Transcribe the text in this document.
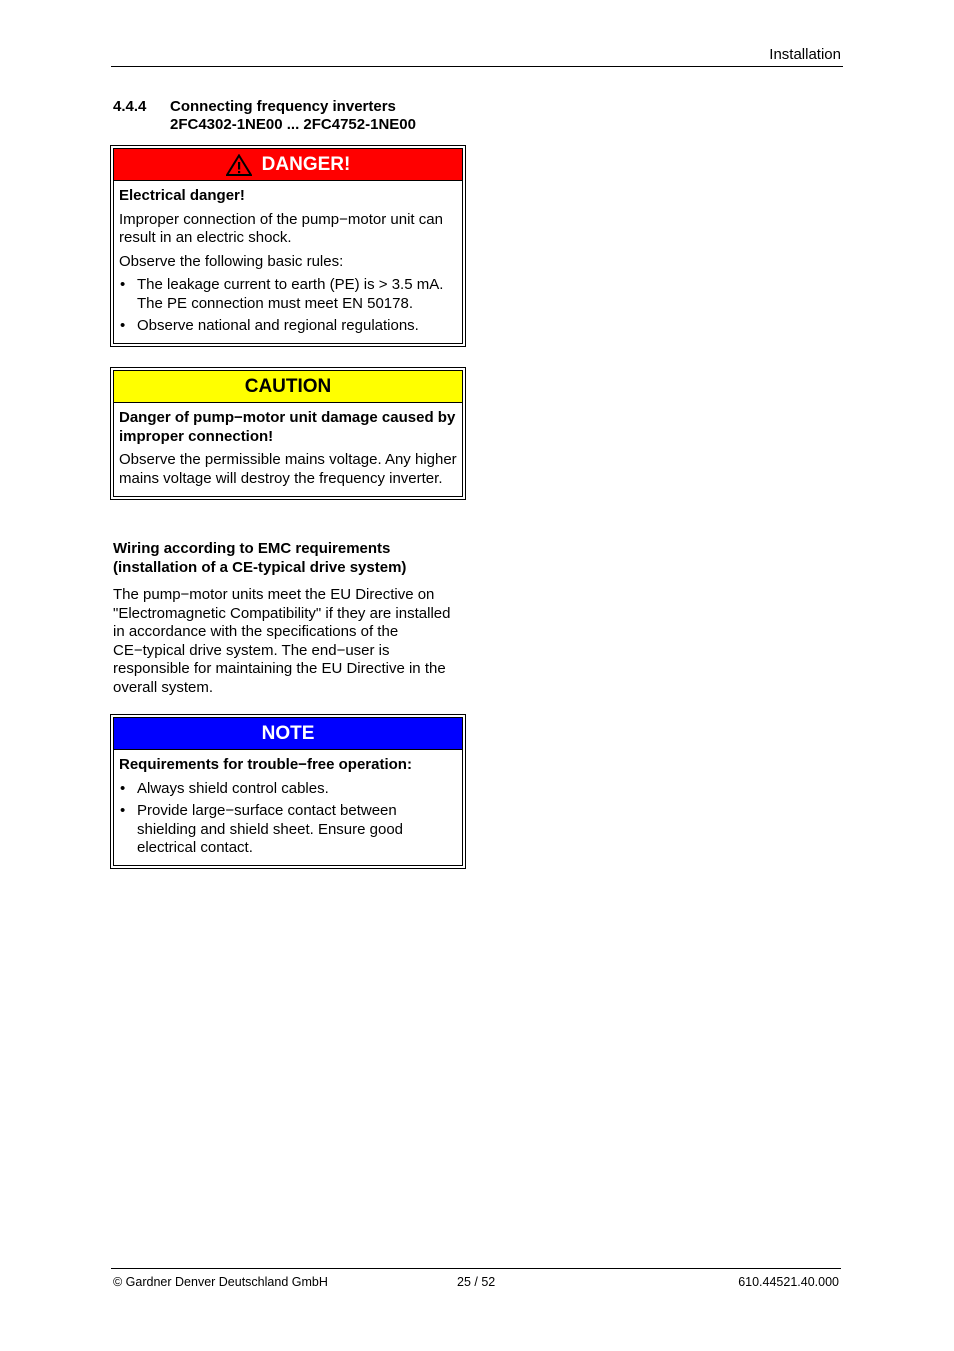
Installation
4.4.4 Connecting frequency inverters
2FC4302-1NE00 ... 2FC4752-1NE00
DANGER!

Electrical danger!

Improper connection of the pump−motor unit can result in an electric shock.

Observe the following basic rules:

• The leakage current to earth (PE) is > 3.5 mA. The PE connection must meet EN 50178.
• Observe national and regional regulations.
CAUTION

Danger of pump−motor unit damage caused by improper connection!

Observe the permissible mains voltage. Any higher mains voltage will destroy the frequency inverter.

Wiring according to EMC requirements
(installation of a CE-typical drive system)
The pump−motor units meet the EU Directive on "Electromagnetic Compatibility" if they are installed in accordance with the specifications of the CE−typical drive system. The end−user is responsible for maintaining the EU Directive in the overall system.
NOTE

Requirements for trouble−free operation:

• Always shield control cables.
• Provide large−surface contact between shielding and shield sheet. Ensure good electrical contact.
© Gardner Denver Deutschland GmbH	25 / 52	610.44521.40.000
